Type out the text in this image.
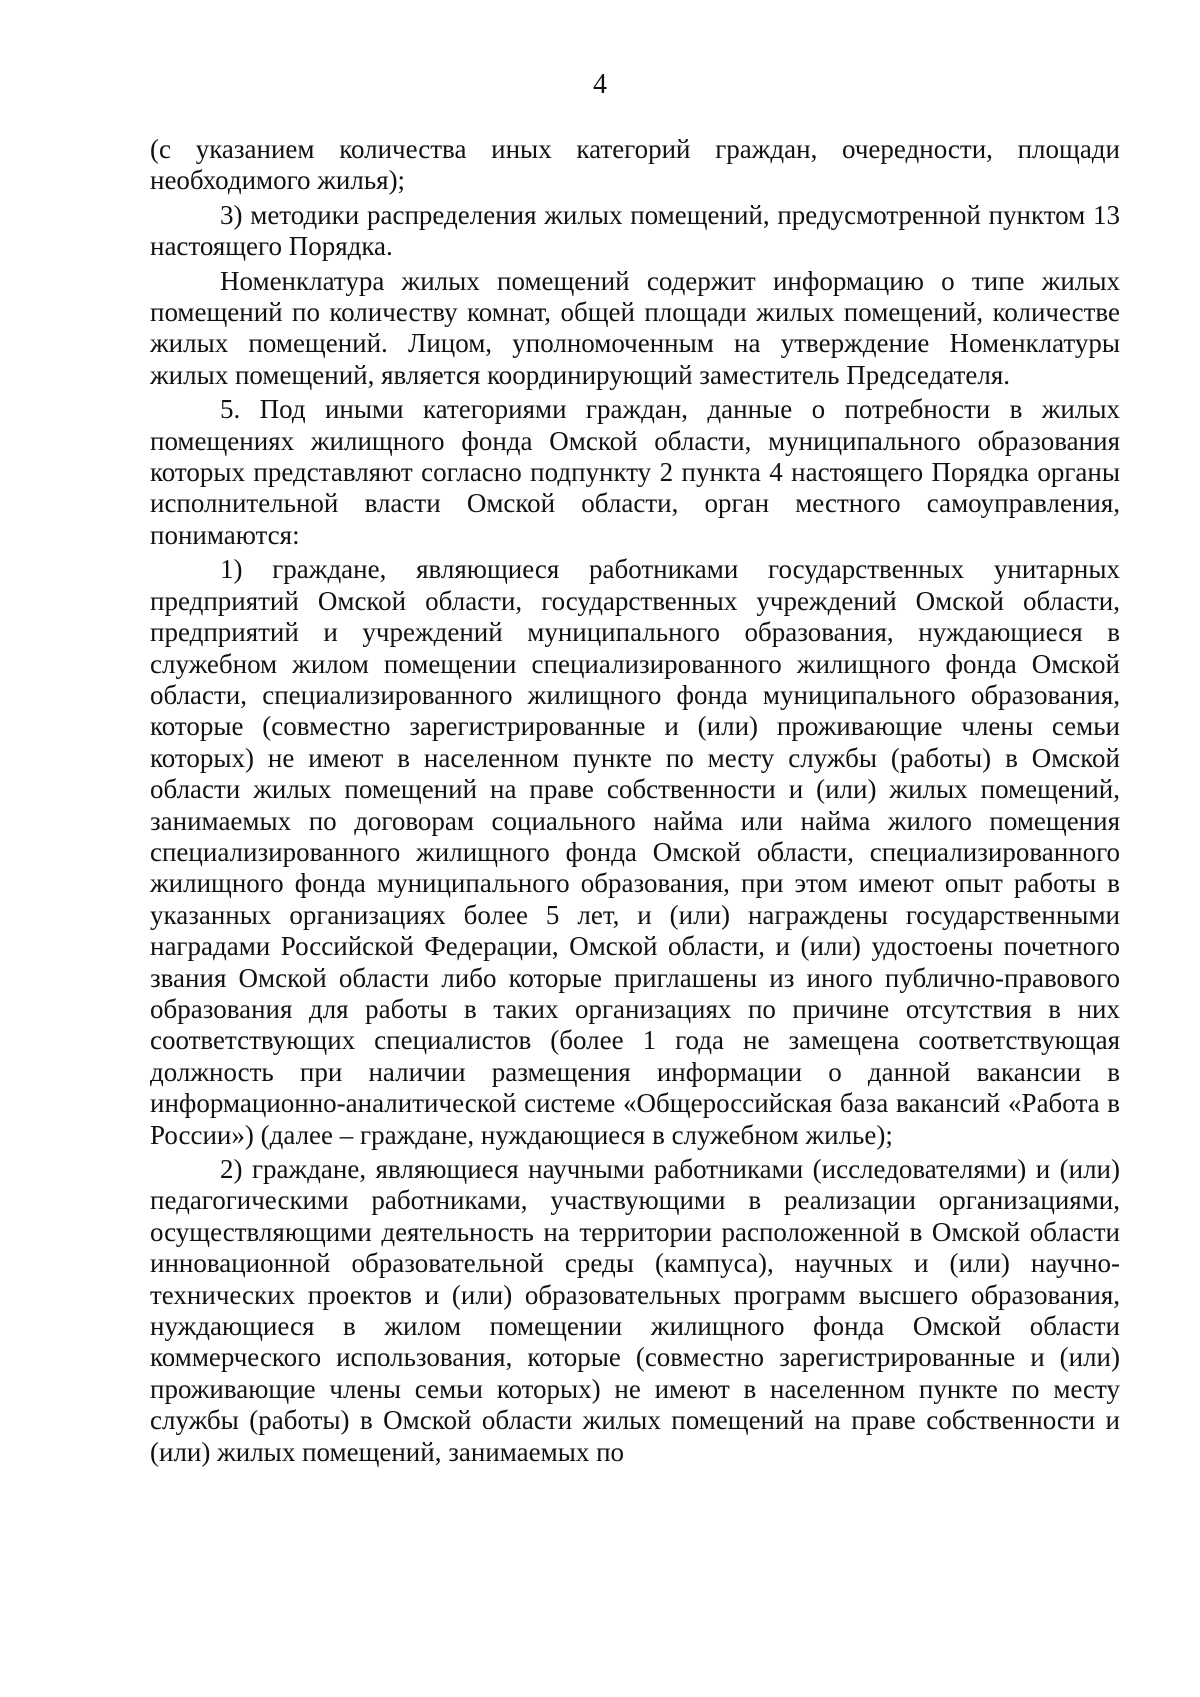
4

(с указанием количества иных категорий граждан, очередности, площади необходимого жилья);

3) методики распределения жилых помещений, предусмотренной пунктом 13 настоящего Порядка.

Номенклатура жилых помещений содержит информацию о типе жилых помещений по количеству комнат, общей площади жилых помещений, количестве жилых помещений. Лицом, уполномоченным на утверждение Номенклатуры жилых помещений, является координирующий заместитель Председателя.

5. Под иными категориями граждан, данные о потребности в жилых помещениях жилищного фонда Омской области, муниципального образования которых представляют согласно подпункту 2 пункта 4 настоящего Порядка органы исполнительной власти Омской области, орган местного самоуправления, понимаются:

1) граждане, являющиеся работниками государственных унитарных предприятий Омской области, государственных учреждений Омской области, предприятий и учреждений муниципального образования, нуждающиеся в служебном жилом помещении специализированного жилищного фонда Омской области, специализированного жилищного фонда муниципального образования, которые (совместно зарегистрированные и (или) проживающие члены семьи которых) не имеют в населенном пункте по месту службы (работы) в Омской области жилых помещений на праве собственности и (или) жилых помещений, занимаемых по договорам социального найма или найма жилого помещения специализированного жилищного фонда Омской области, специализированного жилищного фонда муниципального образования, при этом имеют опыт работы в указанных организациях более 5 лет, и (или) награждены государственными наградами Российской Федерации, Омской области, и (или) удостоены почетного звания Омской области либо которые приглашены из иного публично-правового образования для работы в таких организациях по причине отсутствия в них соответствующих специалистов (более 1 года не замещена соответствующая должность при наличии размещения информации о данной вакансии в информационно-аналитической системе «Общероссийская база вакансий «Работа в России») (далее – граждане, нуждающиеся в служебном жилье);

2) граждане, являющиеся научными работниками (исследователями) и (или) педагогическими работниками, участвующими в реализации организациями, осуществляющими деятельность на территории расположенной в Омской области инновационной образовательной среды (кампуса), научных и (или) научно-технических проектов и (или) образовательных программ высшего образования, нуждающиеся в жилом помещении жилищного фонда Омской области коммерческого использования, которые (совместно зарегистрированные и (или) проживающие члены семьи которых) не имеют в населенном пункте по месту службы (работы) в Омской области жилых помещений на праве собственности и (или) жилых помещений, занимаемых по
